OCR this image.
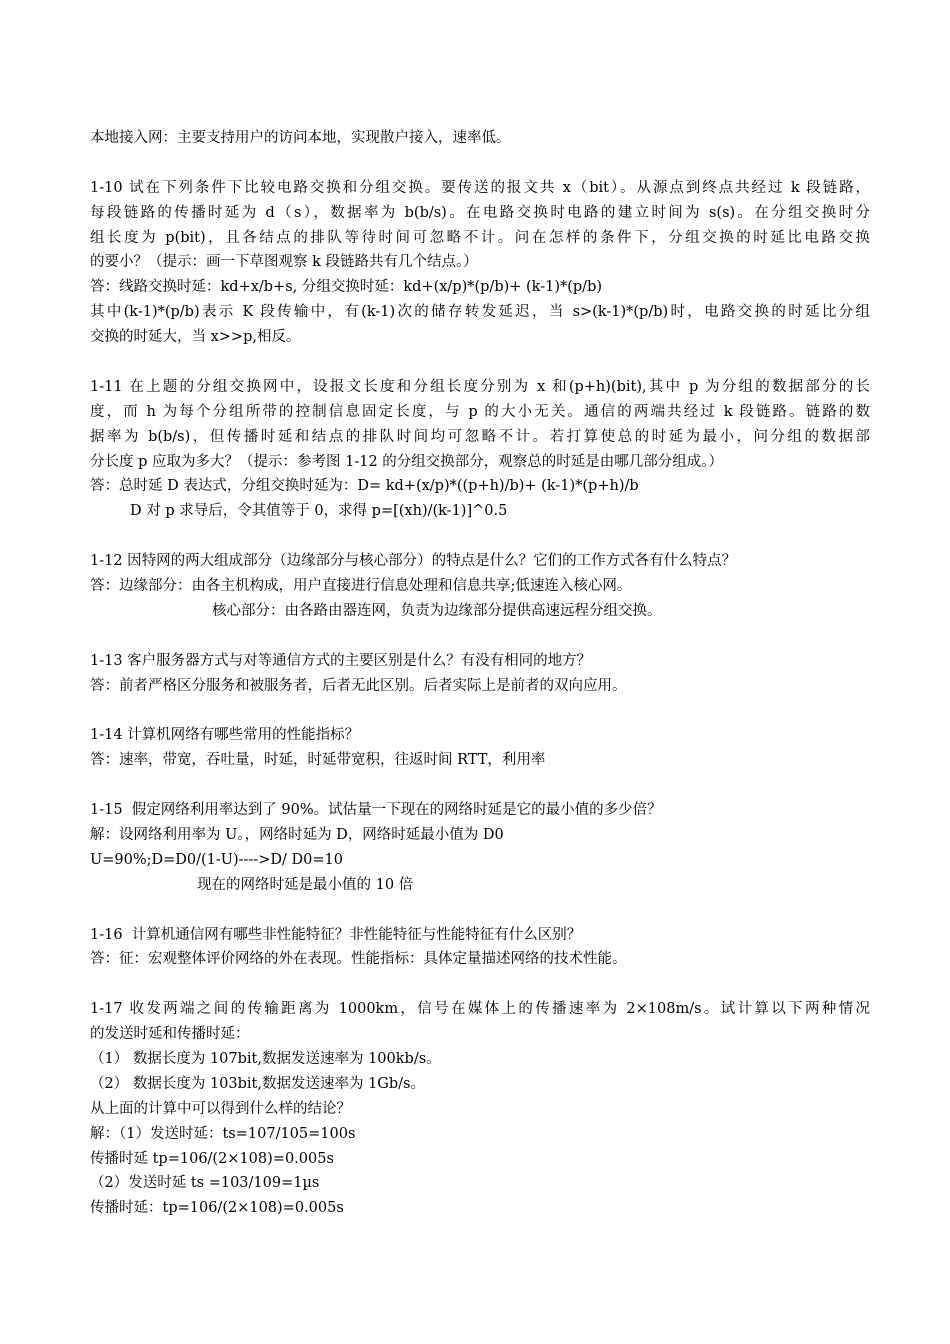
本地接入网：主要支持用户的访问本地，实现散户接入，速率低。
1-10 试在下列条件下比较电路交换和分组交换。要传送的报文共 x（bit）。从源点到终点共经过 k 段链路，
每段链路的传播时延为 d（s），数据率为 b(b/s)。在电路交换时电路的建立时间为 s(s)。在分组交换时分
组长度为 p(bit)，且各结点的排队等待时间可忽略不计。问在怎样的条件下，分组交换的时延比电路交换
的要小？（提示：画一下草图观察 k 段链路共有几个结点。）
答：线路交换时延：kd+x/b+s, 分组交换时延：kd+(x/p)*(p/b)+ (k-1)*(p/b)
其中(k-1)*(p/b)表示 K 段传输中，有(k-1)次的储存转发延迟，当 s>(k-1)*(p/b)时，电路交换的时延比分组
交换的时延大，当 x>>p,相反。
1-11 在上题的分组交换网中，设报文长度和分组长度分别为 x 和(p+h)(bit),其中 p 为分组的数据部分的长
度，而 h 为每个分组所带的控制信息固定长度，与 p 的大小无关。通信的两端共经过 k 段链路。链路的数
据率为 b(b/s)，但传播时延和结点的排队时间均可忽略不计。若打算使总的时延为最小，问分组的数据部
分长度 p 应取为多大？（提示：参考图 1-12 的分组交换部分，观察总的时延是由哪几部分组成。）
答：总时延 D 表达式，分组交换时延为：D= kd+(x/p)*((p+h)/b)+ (k-1)*(p+h)/b
D 对 p 求导后，令其值等于 0，求得 p=[(xh)/(k-1)]^0.5
1-12 因特网的两大组成部分（边缘部分与核心部分）的特点是什么？它们的工作方式各有什么特点？
答：边缘部分：由各主机构成，用户直接进行信息处理和信息共享;低速连入核心网。
核心部分：由各路由器连网，负责为边缘部分提供高速远程分组交换。
1-13 客户服务器方式与对等通信方式的主要区别是什么？有没有相同的地方？
答：前者严格区分服务和被服务者，后者无此区别。后者实际上是前者的双向应用。
1-14 计算机网络有哪些常用的性能指标？
答：速率，带宽，吞吐量，时延，时延带宽积，往返时间 RTT，利用率
1-15  假定网络利用率达到了 90%。试估量一下现在的网络时延是它的最小值的多少倍？
解：设网络利用率为 U。，网络时延为 D，网络时延最小值为 D0
U=90%;D=D0/(1-U)---->D/ D0=10
现在的网络时延是最小值的 10 倍
1-16  计算机通信网有哪些非性能特征？非性能特征与性能特征有什么区别？
答：征：宏观整体评价网络的外在表现。性能指标：具体定量描述网络的技术性能。
1-17 收发两端之间的传输距离为 1000km，信号在媒体上的传播速率为 2×108m/s。试计算以下两种情况
的发送时延和传播时延：
（1） 数据长度为 107bit,数据发送速率为 100kb/s。
（2） 数据长度为 103bit,数据发送速率为 1Gb/s。
从上面的计算中可以得到什么样的结论？
解：（1）发送时延：ts=107/105=100s
传播时延 tp=106/(2×108)=0.005s
（2）发送时延 ts =103/109=1µs
传播时延：tp=106/(2×108)=0.005s
